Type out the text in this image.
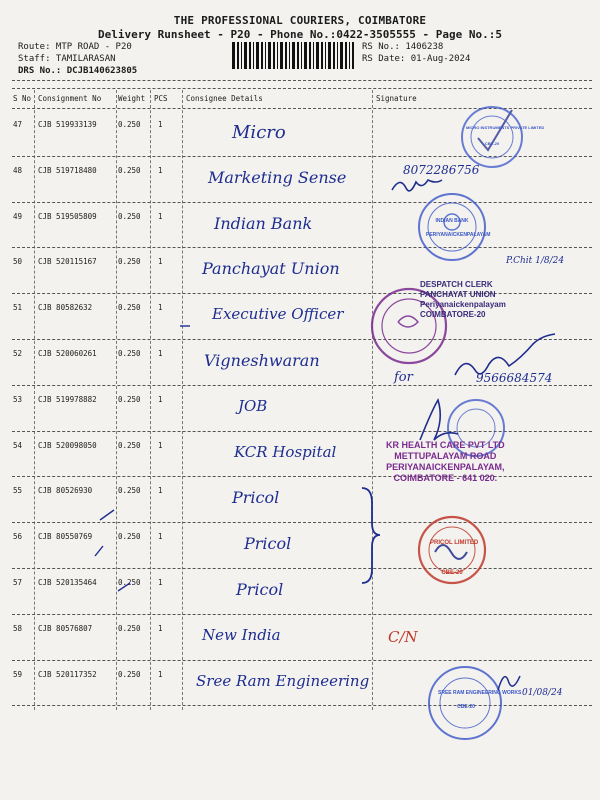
THE PROFESSIONAL COURIERS, COIMBATORE
Delivery Runsheet - P20 - Phone No.:0422-3505555 - Page No.:5
Route: MTP ROAD - P20
Staff: TAMILARASAN
DRS No.: DCJB140623805
RS No.: 1406238
RS Date: 01-Aug-2024
S No Consignment No Weight PCS Consignee Details	Signature
47 CJB 519933139	0.250 1	Micro
48 CJB 519718480	0.250 1	Marketing Sense
49 CJB 519505809	0.250 1	Indian Bank
50 CJB 520115167	0.250 1 Panchayat Union
51 CJB 80582632	0.250 1	Executive Officer
52 CJB 520060261	0.250 1	Vigneshwaran
53 CJB 519978882	0.250 1	JOB
54 CJB 520098050	0.250 1	KCR Hospital
55 CJB 80526930	0.250 1	Pricol
56 CJB 80550769	0.250 1	Pricol
57 CJB 520135464	0.250 1	Pricol
58 CJB 80576807	0.250 1	New India
59 CJB 520117352	0.250 1 Sree Ram Engineering
8072286756
P.Chit 1/8/24
for	9566684574
C/N
01/08/24
DESPATCH CLERK
PANCHAYAT UNION
Periyanaickenpalayam
COIMBATORE-20
KR HEALTH CARE PVT LTD
METTUPALAYAM ROAD
PERIYANAICKENPALAYAM,
COIMBATORE - 641 020.
PRICOL LIMITED
CBE-20
INDIAN BANK
PERIYANAICKENPALAYAM
SREE RAM ENGINEERING WORKS
CBE-20
MICRO INSTRUMENTS PRIVATE LIMITED
CBE-20
